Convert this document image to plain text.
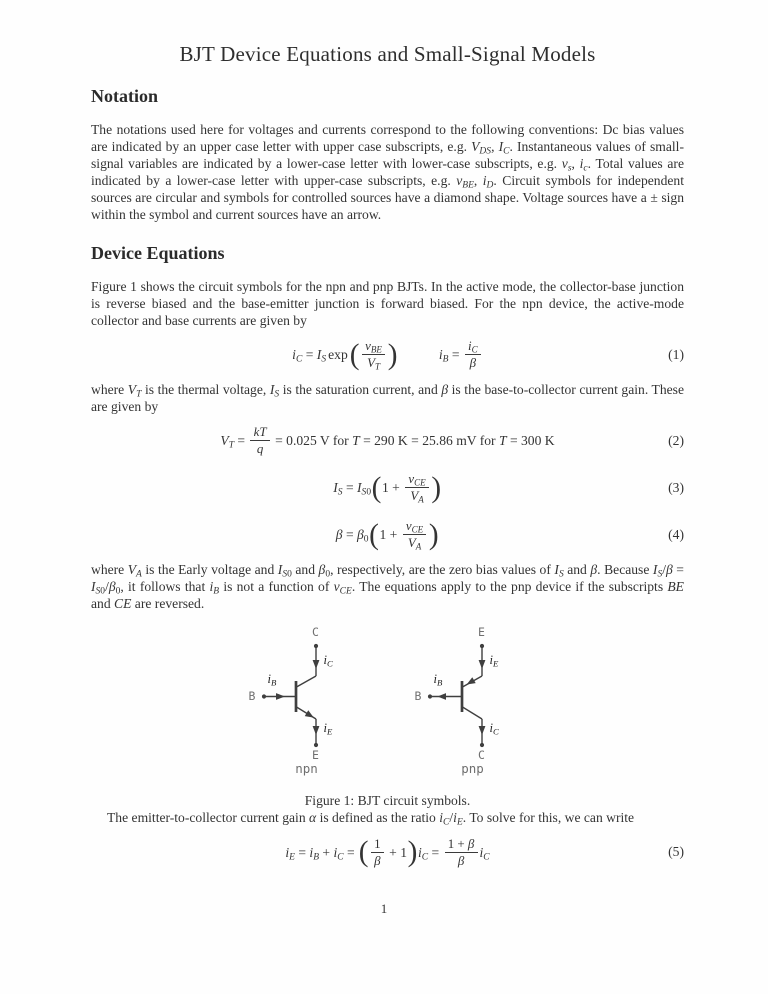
BJT Device Equations and Small-Signal Models
Notation

The notations used here for voltages and currents correspond to the following conventions: Dc bias values are indicated by an upper case letter with upper case subscripts, e.g. $V_{DS}$, $I_C$. Instantaneous values of small-signal variables are indicated by a lower-case letter with lower-case subscripts, e.g. $v_s$, $i_c$. Total values are indicated by a lower-case letter with upper-case subscripts, e.g. $v_{BE}$, $i_D$. Circuit symbols for independent sources are circular and symbols for controlled sources have a diamond shape. Voltage sources have a ± sign within the symbol and current sources have an arrow.

Device Equations

Figure 1 shows the circuit symbols for the npn and pnp BJTs. In the active mode, the collector-base junction is reverse biased and the base-emitter junction is forward biased. For the npn device, the active-mode collector and base currents are given by

$i_C = I_S$ $\exp( \frac{v_{BE}}{V_T}$ )	$i_B = \frac{i_C}{\beta}$	(1)

where $V_T$ is the thermal voltage, $I_S$ is the saturation current, and β is the base-to-collector current gain. These are given by

$V_T = \frac{kT}{q} = 0.025$ V for T = 290 K = 25.86 mV for T = 300 K	(2)
$I_S = I_{S0}(1 + \frac{v_{CE}}{V_A}$ )	(3)
$\beta = \beta_0(1 + \frac{v_{CE}}{V_A}$ )	(4)

where $V_A$ is the Early voltage and $I_{S0}$ and $\beta_0$, respectively, are the zero bias values of $I_S$ and β. Because $I_S/\beta = I_{S0}/\beta_0$, it follows that $i_B$ is not a function of $v_{CE}$. The equations apply to the pnp device if the subscripts BE and CE are reversed.

C
B
E
$i_C$
$i_B$
$i_E$
npn
E
B
C
$i_E$
$i_B$
$i_C$
pnp

Figure 1: BJT circuit symbols.

The emitter-to-collector current gain α is defined as the ratio $i_C/i_E$. To solve for this, we can write

$i_E = i_B + i_C$ = ( $\frac{1}{\beta} + 1)i_C = \frac{1 + \beta}{\beta} i_C$	(5)
1
